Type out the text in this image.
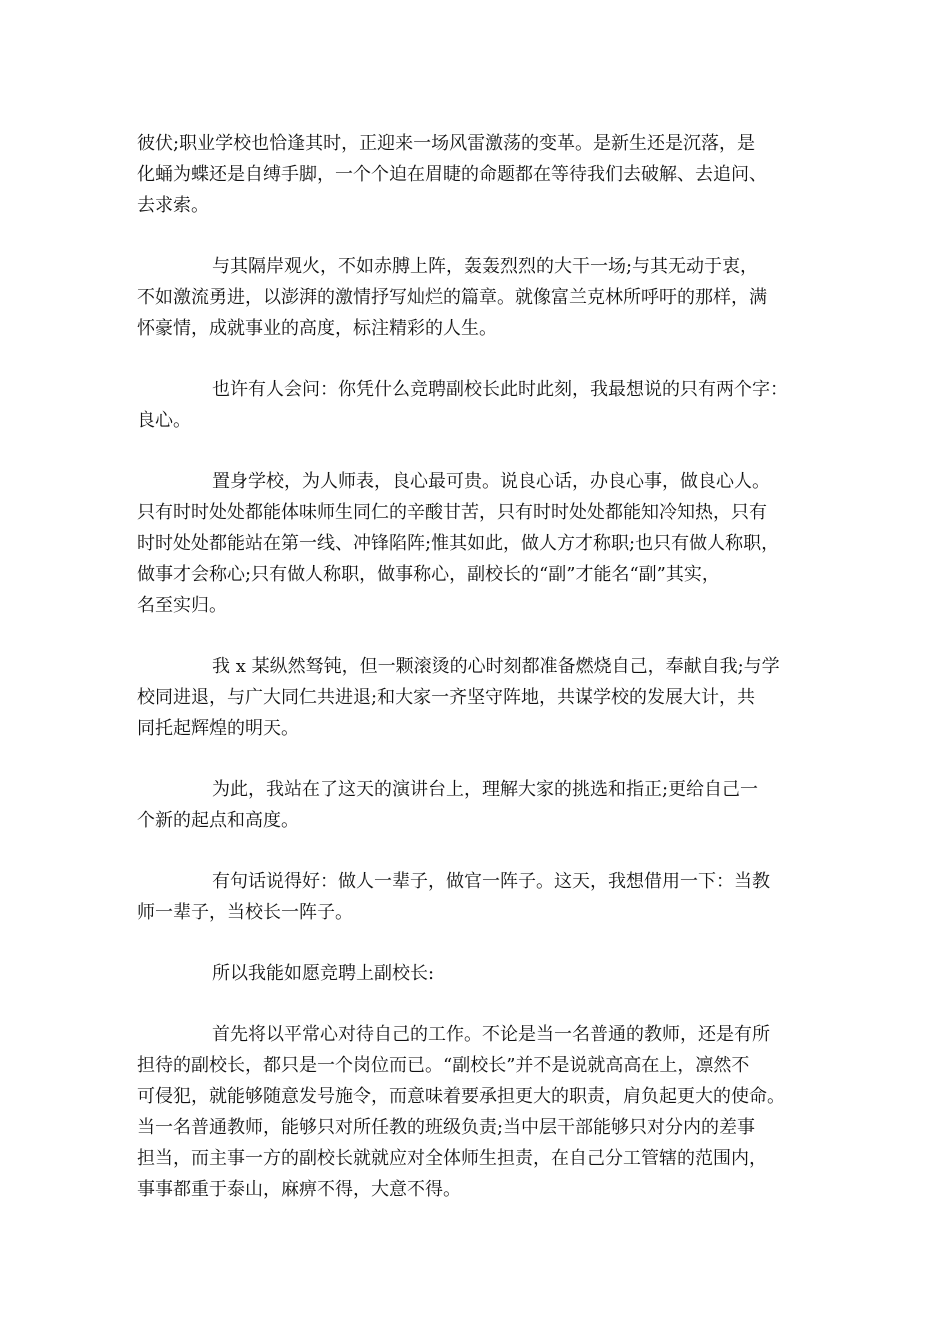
彼伏;职业学校也恰逢其时，正迎来一场风雷激荡的变革。是新生还是沉落，是
化蛹为蝶还是自缚手脚，一个个迫在眉睫的命题都在等待我们去破解、去追问、
去求索。
与其隔岸观火，不如赤膊上阵，轰轰烈烈的大干一场;与其无动于衷，
不如激流勇进，以澎湃的激情抒写灿烂的篇章。就像富兰克林所呼吁的那样，满
怀豪情，成就事业的高度，标注精彩的人生。
也许有人会问：你凭什么竞聘副校长此时此刻，我最想说的只有两个字：
良心。
置身学校，为人师表，良心最可贵。说良心话，办良心事，做良心人。
只有时时处处都能体味师生同仁的辛酸甘苦，只有时时处处都能知冷知热，只有
时时处处都能站在第一线、冲锋陷阵;惟其如此，做人方才称职;也只有做人称职，
做事才会称心;只有做人称职，做事称心，副校长的“副”才能名“副”其实，
名至实归。
我 x 某纵然驽钝，但一颗滚烫的心时刻都准备燃烧自己，奉献自我;与学
校同进退，与广大同仁共进退;和大家一齐坚守阵地，共谋学校的发展大计，共
同托起辉煌的明天。
为此，我站在了这天的演讲台上，理解大家的挑选和指正;更给自己一
个新的起点和高度。
有句话说得好：做人一辈子，做官一阵子。这天，我想借用一下：当教
师一辈子，当校长一阵子。
所以我能如愿竞聘上副校长:
首先将以平常心对待自己的工作。不论是当一名普通的教师，还是有所
担待的副校长，都只是一个岗位而已。“副校长”并不是说就高高在上，凛然不
可侵犯，就能够随意发号施令，而意味着要承担更大的职责，肩负起更大的使命。
当一名普通教师，能够只对所任教的班级负责;当中层干部能够只对分内的差事
担当，而主事一方的副校长就就应对全体师生担责，在自己分工管辖的范围内，
事事都重于泰山，麻痹不得，大意不得。
